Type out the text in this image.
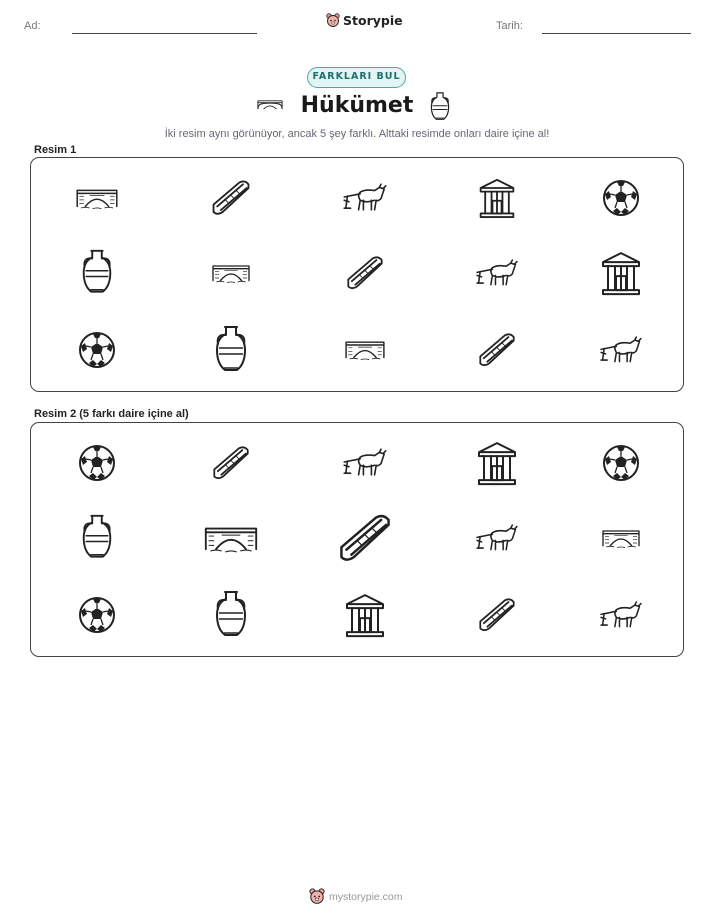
Ad:	Storypie	Tarih:
FARKLARI BUL
Hükümet
İki resim aynı görünüyor, ancak 5 şey farklı. Alttaki resimde onları daire içine al!
Resim 1
Resim 2 (5 farkı daire içine al)
mystorypie.com
